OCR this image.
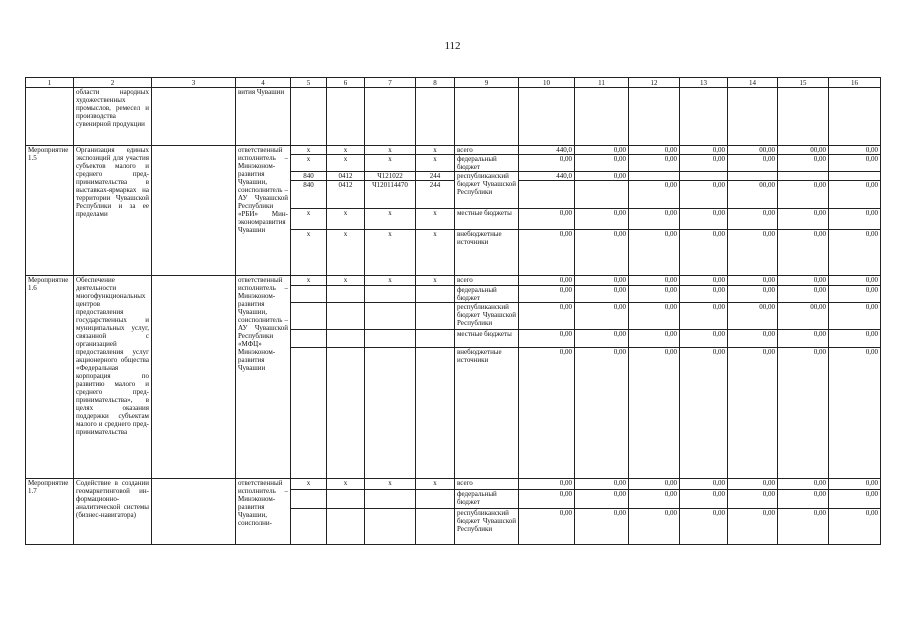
112
1	2	3	4	5	6	7	8	9	10	11	12	13	14	15	16
	области народных художественных промыслов, ремесел и производства сувенирной продукции		вития Чувашии												
Мероприятие 1.5	Организация единых экспозиций для участия субъектов малого и среднего предпринимательства в выставках-ярмарках на территории Чувашской Республики и за ее пределами		ответственный исполнитель – Минэкономразвития Чувашии, соисполнитель – АУ Чувашской Республики «РБИ» Минэкономразвития Чувашии	x	x	x	x	всего	440,0	0,00	0,00	0,00	00,00	00,00	0,00
				x	x	x	x	федеральный бюджет	0,00	0,00	0,00	0,00	0,00	0,00	0,00
				840	0412	Ч121022	244	республиканский бюджет Чувашской Республики	440,0	0,00					
				840	0412	Ч120114470	244				0,00	0,00	00,00	0,00	0,00
				x	x	x	x	местные бюджеты	0,00	0,00	0,00	0,00	0,00	0,00	0,00
				x	x	x	x	внебюджетные источники	0,00	0,00	0,00	0,00	0,00	0,00	0,00
Мероприятие 1.6	Обеспечение деятельности многофункциональных центров предоставления государственных и муниципальных услуг, связанной с организацией предоставления услуг акционерного общества «Федеральная корпорация по развитию малого и среднего предпринимательства», в целях оказания поддержки субъектам малого и среднего предпринимательства		ответственный исполнитель – Минэкономразвития Чувашии, соисполнитель – АУ Чувашской Республики «МФЦ» Минэкономразвития Чувашии	x	x	x	x	всего	0,00	0,00	0,00	0,00	0,00	0,00	0,00
								федеральный бюджет	0,00	0,00	0,00	0,00	0,00	0,00	0,00
								республиканский бюджет Чувашской Республики	0,00	0,00	0,00	0,00	00,00	00,00	0,00
								местные бюджеты	0,00	0,00	0,00	0,00	0,00	0,00	0,00
								внебюджетные источники	0,00	0,00	0,00	0,00	0,00	0,00	0,00
Мероприятие 1.7	Содействие в создании геомаркетинговой информационно-аналитической системы (бизнес-навигатора)		ответственный исполнитель – Минэкономразвития Чувашии, соисполни-	x	x	x	x	всего	0,00	0,00	0,00	0,00	0,00	0,00	0,00
								федеральный бюджет	0,00	0,00	0,00	0,00	0,00	0,00	0,00
								республиканский бюджет Чувашской Республики	0,00	0,00	0,00	0,00	0,00	0,00	0,00
